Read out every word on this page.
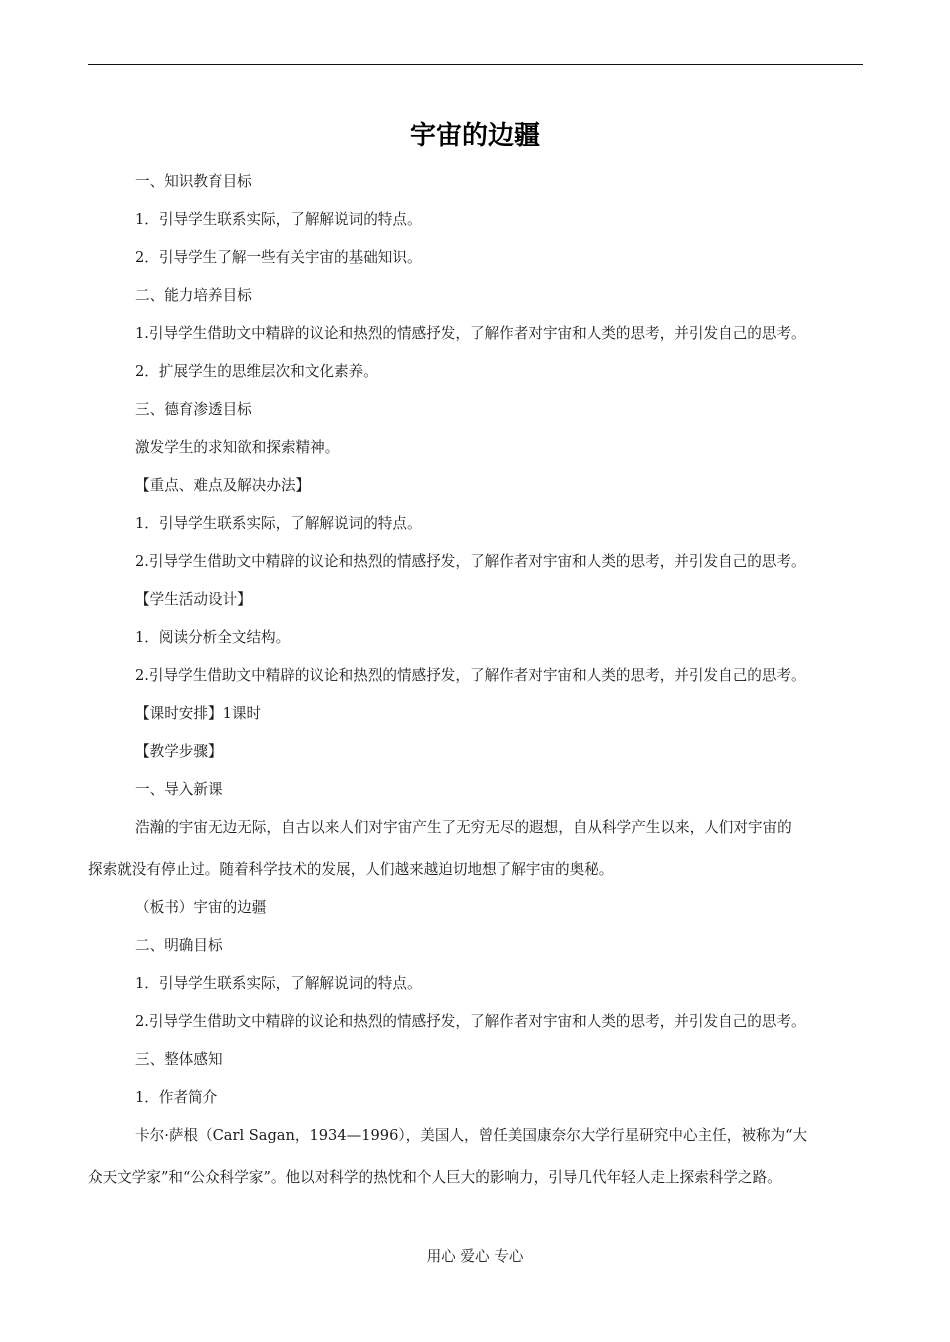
宇宙的边疆
一、知识教育目标
1．引导学生联系实际，了解解说词的特点。
2．引导学生了解一些有关宇宙的基础知识。
二、能力培养目标
1.引导学生借助文中精辟的议论和热烈的情感抒发，了解作者对宇宙和人类的思考，并引发自己的思考。
2．扩展学生的思维层次和文化素养。
三、德育渗透目标
激发学生的求知欲和探索精神。
【重点、难点及解决办法】
1．引导学生联系实际，了解解说词的特点。
2.引导学生借助文中精辟的议论和热烈的情感抒发，了解作者对宇宙和人类的思考，并引发自己的思考。
【学生活动设计】
1．阅读分析全文结构。
2.引导学生借助文中精辟的议论和热烈的情感抒发，了解作者对宇宙和人类的思考，并引发自己的思考。
【课时安排】1课时
【教学步骤】
一、导入新课
浩瀚的宇宙无边无际，自古以来人们对宇宙产生了无穷无尽的遐想，自从科学产生以来，人们对宇宙的
探索就没有停止过。随着科学技术的发展，人们越来越迫切地想了解宇宙的奥秘。
（板书）宇宙的边疆
二、明确目标
1．引导学生联系实际，了解解说词的特点。
2.引导学生借助文中精辟的议论和热烈的情感抒发，了解作者对宇宙和人类的思考，并引发自己的思考。
三、整体感知
1．作者简介
卡尔·萨根（Carl Sagan，1934—1996），美国人，曾任美国康奈尔大学行星研究中心主任，被称为“大
众天文学家”和“公众科学家”。他以对科学的热忱和个人巨大的影响力，引导几代年轻人走上探索科学之路。
用心 爱心 专心
